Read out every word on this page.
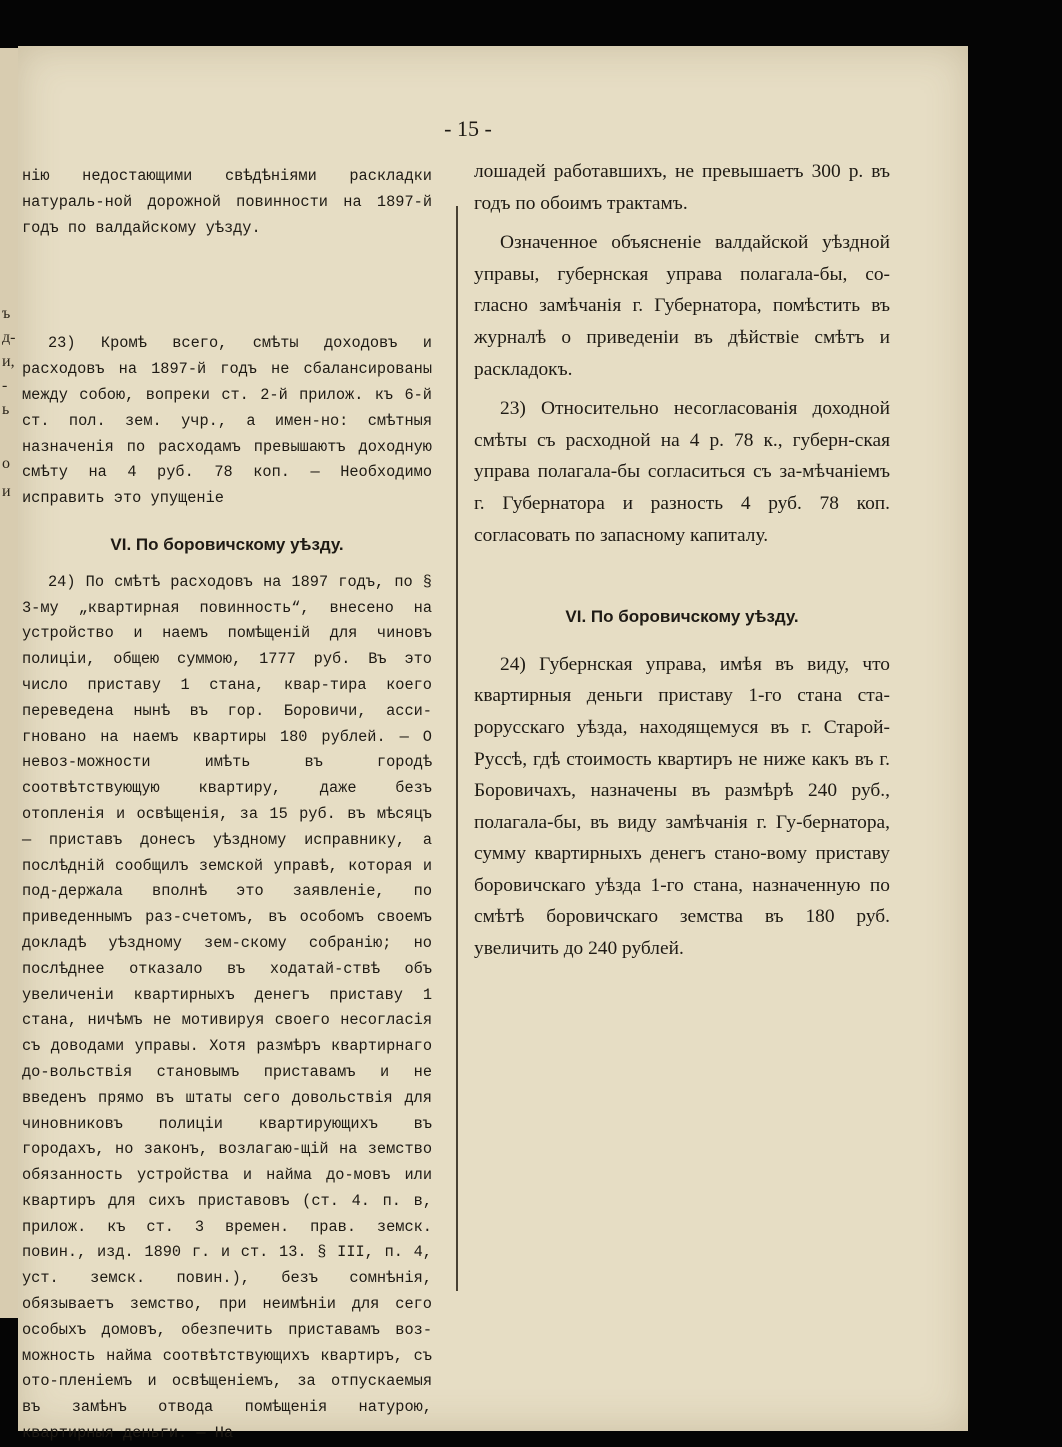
ъ
д-
и,
-
ь
о
и
- 15 -

нію недостающими свѣдѣніями раскладки натураль-ной дорожной повинности на 1897-й годъ по валдайскому уѣзду.

23) Кромѣ всего, смѣты доходовъ и расходовъ на 1897-й годъ не сбалансированы между собою, вопреки ст. 2-й прилож. къ 6-й ст. пол. зем. учр., а имен-но: смѣтныя назначенія по расходамъ превышаютъ доходную смѣту на 4 руб. 78 коп. — Необходимо исправить это упущеніе

VI. По боровичскому уѣзду.

24) По смѣтѣ расходовъ на 1897 годъ, по § 3-му „квартирная повинность“, внесено на устройство и наемъ помѣщеній для чиновъ полиціи, общею суммою, 1777 руб. Въ это число приставу 1 стана, квар-тира коего переведена нынѣ въ гор. Боровичи, асси-гновано на наемъ квартиры 180 рублей. — О невоз-можности имѣть въ городѣ соотвѣтствующую квартиру, даже безъ отопленія и освѣщенія, за 15 руб. въ мѣсяцъ — приставъ донесъ уѣздному исправнику, а послѣдній сообщилъ земской управѣ, которая и под-держала вполнѣ это заявленіе, по приведеннымъ раз-счетомъ, въ особомъ своемъ докладѣ уѣздному зем-скому собранію; но послѣднее отказало въ ходатай-ствѣ объ увеличеніи квартирныхъ денегъ приставу 1 стана, ничѣмъ не мотивируя своего несогласія съ доводами управы. Хотя размѣръ квартирнаго до-вольствія становымъ приставамъ и не введенъ прямо въ штаты сего довольствія для чиновниковъ полиціи квартирующихъ въ городахъ, но законъ, возлагаю-щій на земство обязанность устройства и найма до-мовъ или квартиръ для сихъ приставовъ (ст. 4. п. в, прилож. къ ст. 3 времен. прав. земск. повин., изд. 1890 г. и ст. 13. § III, п. 4, уст. земск. повин.), безъ сомнѣнія, обязываетъ земство, при неимѣніи для сего особыхъ домовъ, обезпечить приставамъ воз-можность найма соотвѣтствующихъ квартиръ, съ ото-пленіемъ и освѣщеніемъ, за отпускаемыя въ замѣнъ отвода помѣщенія натурою, квартирныя деньги. — На

лошадей работавшихъ, не превышаетъ 300 р. въ годъ по обоимъ трактамъ.

Означенное объясненіе валдайской уѣздной управы, губернская управа полагала-бы, со-гласно замѣчанія г. Губернатора, помѣстить въ журналѣ о приведеніи въ дѣйствіе смѣтъ и раскладокъ.

23) Относительно несогласованія доходной смѣты съ расходной на 4 р. 78 к., губерн-ская управа полагала-бы согласиться съ за-мѣчаніемъ г. Губернатора и разность 4 руб. 78 коп. согласовать по запасному капиталу.

VI. По боровичскому уѣзду.

24) Губернская управа, имѣя въ виду, что квартирныя деньги приставу 1-го стана ста-рорусскаго уѣзда, находящемуся въ г. Старой-Руссѣ, гдѣ стоимость квартиръ не ниже какъ въ г. Боровичахъ, назначены въ размѣрѣ 240 руб., полагала-бы, въ виду замѣчанія г. Гу-бернатора, сумму квартирныхъ денегъ стано-вому приставу боровичскаго уѣзда 1-го стана, назначенную по смѣтѣ боровичскаго земства въ 180 руб. увеличить до 240 рублей.
